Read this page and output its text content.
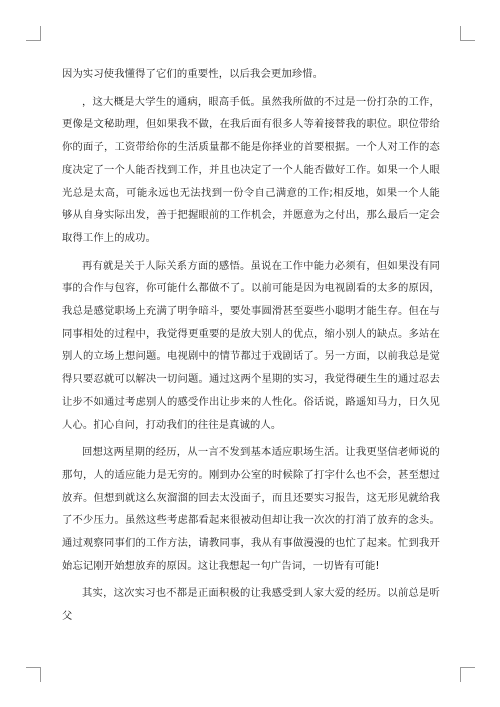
因为实习使我懂得了它们的重要性，以后我会更加珍惜。

，这大概是大学生的通病，眼高手低。虽然我所做的不过是一份打杂的工作，更像是文秘助理，但如果我不做，在我后面有很多人等着接替我的职位。职位带给你的面子，工资带给你的生活质量都不能是你择业的首要根据。一个人对工作的态度决定了一个人能否找到工作，并且也决定了一个人能否做好工作。如果一个人眼光总是太高，可能永远也无法找到一份令自己满意的工作;相反地，如果一个人能够从自身实际出发，善于把握眼前的工作机会，并愿意为之付出，那么最后一定会取得工作上的成功。

再有就是关于人际关系方面的感悟。虽说在工作中能力必须有，但如果没有同事的合作与包容，你可能什么都做不了。以前可能是因为电视剧看的太多的原因，我总是感觉职场上充满了明争暗斗，要处事圆滑甚至耍些小聪明才能生存。但在与同事相处的过程中，我觉得更重要的是放大别人的优点，缩小别人的缺点。多站在别人的立场上想问题。电视剧中的情节都过于戏剧话了。另一方面，以前我总是觉得只要忍就可以解决一切问题。通过这两个星期的实习，我觉得硬生生的通过忍去让步不如通过考虑别人的感受作出让步来的人性化。俗话说，路遥知马力，日久见人心。扪心自问，打动我们的往往是真诚的人。

回想这两星期的经历，从一言不发到基本适应职场生活。让我更坚信老师说的那句，人的适应能力是无穷的。刚到办公室的时候除了打字什么也不会，甚至想过放弃。但想到就这么灰溜溜的回去太没面子，而且还要实习报告，这无形见就给我了不少压力。虽然这些考虑都看起来很被动但却让我一次次的打消了放弃的念头。通过观察同事们的工作方法，请教同事，我从有事做漫漫的也忙了起来。忙到我开始忘记刚开始想放弃的原因。这让我想起一句广告词，一切皆有可能!

其实，这次实习也不都是正面积极的让我感受到人家大爱的经历。以前总是听父
